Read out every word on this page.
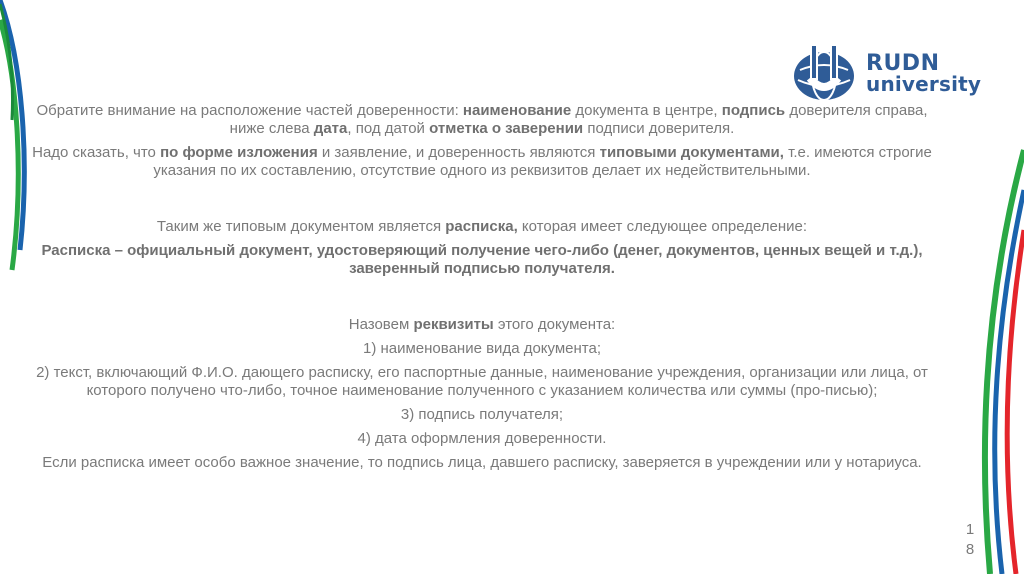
RUDN
university

Обратите внимание на расположение частей доверенности: наименование документа в центре, подпись доверителя справа, ниже слева дата, под датой отметка о заверении подписи доверителя.

Надо сказать, что по форме изложения и заявление, и доверенность являются типовыми документами, т.е. имеются строгие указания по их составлению, отсутствие одного из реквизитов делает их недействительными.

Таким же типовым документом является расписка, которая имеет следующее определение:

Расписка – официальный документ, удостоверяющий получение чего-либо (денег, документов, ценных вещей и т.д.), заверенный подписью получателя.

Назовем реквизиты этого документа:

1) наименование вида документа;

2) текст, включающий Ф.И.О. дающего расписку, его паспортные данные, наименование учреждения, организации или лица, от которого получено что-либо, точное наименование полученного с указанием количества или суммы (про-писью);

3) подпись получателя;

4) дата оформления доверенности.

Если расписка имеет особо важное значение, то подпись лица, давшего расписку, заверяется в учреждении или у нотариуса.

1
8
